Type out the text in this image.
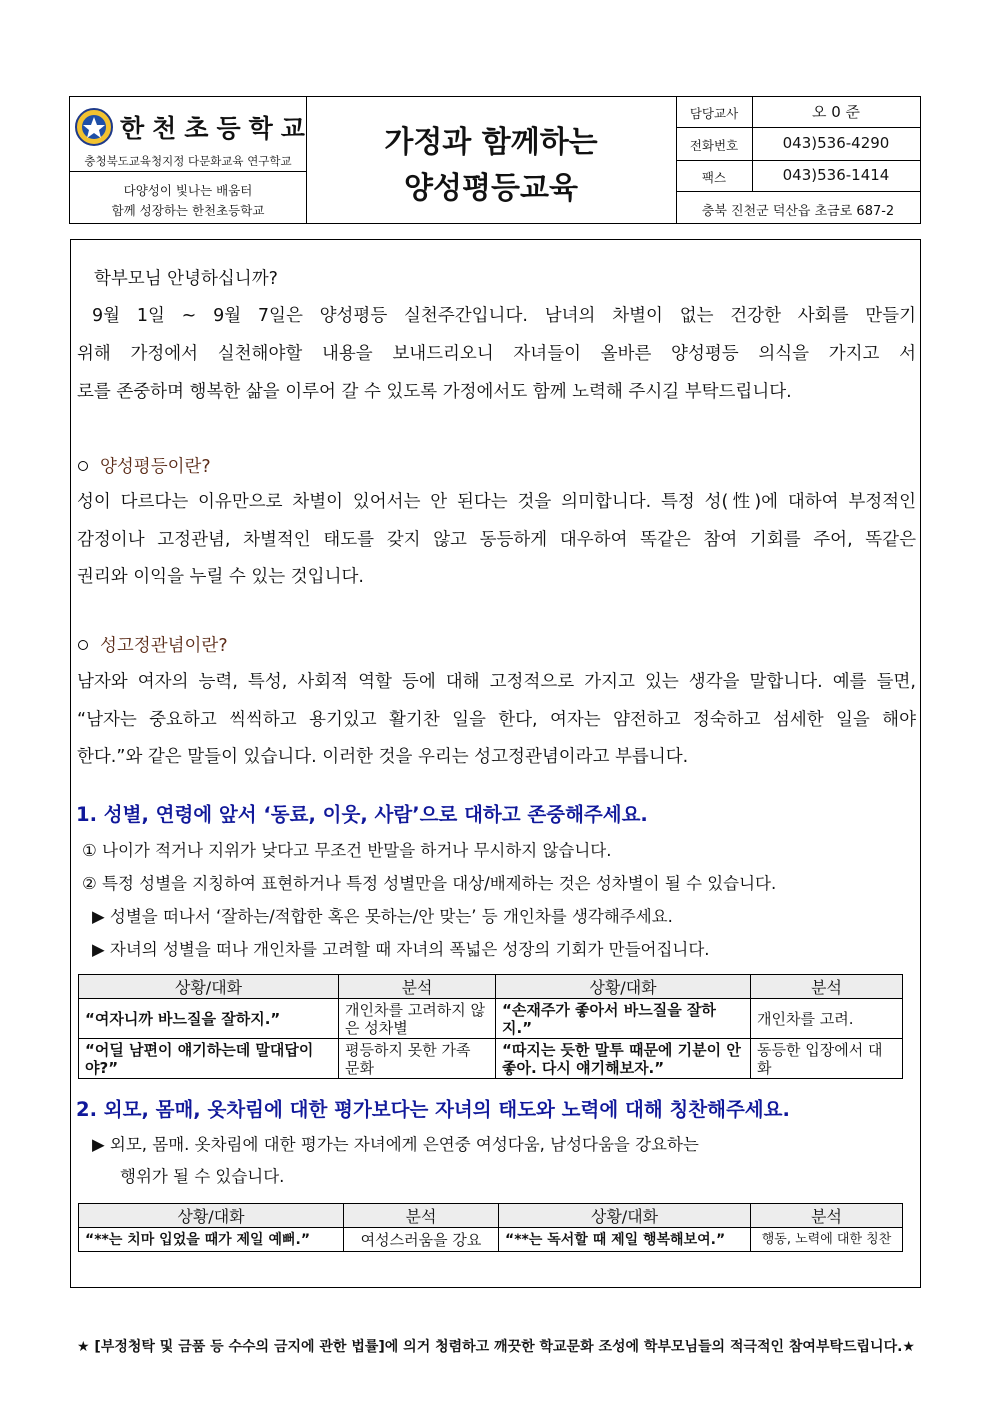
한천초등학교
충청북도교육청지정 다문화교육 연구학교
다양성이 빛나는 배움터
함께 성장하는 한천초등학교
가정과 함께하는
양성평등교육
담당교사	오 0 준
전화번호	043)536-4290
팩스	043)536-1414
충북 진천군 덕산읍 초금로 687-2
학부모님 안녕하십니까?
9월 1일 ~ 9월 7일은 양성평등 실천주간입니다. 남녀의 차별이 없는 건강한 사회를 만들기
위해 가정에서 실천해야할 내용을 보내드리오니 자녀들이 올바른 양성평등 의식을 가지고 서
로를 존중하며 행복한 삶을 이루어 갈 수 있도록 가정에서도 함께 노력해 주시길 부탁드립니다.
양성평등이란?
성이 다르다는 이유만으로 차별이 있어서는 안 된다는 것을 의미합니다. 특정 성(性)에 대하여 부정적인
감정이나 고정관념, 차별적인 태도를 갖지 않고 동등하게 대우하여 똑같은 참여 기회를 주어, 똑같은
권리와 이익을 누릴 수 있는 것입니다.
성고정관념이란?
남자와 여자의 능력, 특성, 사회적 역할 등에 대해 고정적으로 가지고 있는 생각을 말합니다. 예를 들면,
“남자는 중요하고 씩씩하고 용기있고 활기찬 일을 한다, 여자는 얌전하고 정숙하고 섬세한 일을 해야
한다.”와 같은 말들이 있습니다. 이러한 것을 우리는 성고정관념이라고 부릅니다.
1. 성별, 연령에 앞서 ‘동료, 이웃, 사람’으로 대하고 존중해주세요.
① 나이가 적거나 지위가 낮다고 무조건 반말을 하거나 무시하지 않습니다.
② 특정 성별을 지칭하여 표현하거나 특정 성별만을 대상/배제하는 것은 성차별이 될 수 있습니다.
▶ 성별을 떠나서 ‘잘하는/적합한 혹은 못하는/안 맞는’ 등 개인차를 생각해주세요.
▶ 자녀의 성별을 떠나 개인차를 고려할 때 자녀의 폭넓은 성장의 기회가 만들어집니다.
상황/대화	분석	상황/대화	분석
“여자니까 바느질을 잘하지.”	개인차를 고려하지 않은 성차별	“손재주가 좋아서 바느질을 잘하지.”	개인차를 고려.
“어딜 남편이 얘기하는데 말대답이야?”	평등하지 못한 가족 문화	“따지는 듯한 말투 때문에 기분이 안 좋아. 다시 얘기해보자.”	동등한 입장에서 대화
2. 외모, 몸매, 옷차림에 대한 평가보다는 자녀의 태도와 노력에 대해 칭찬해주세요.
▶ 외모, 몸매. 옷차림에 대한 평가는 자녀에게 은연중 여성다움, 남성다움을 강요하는
행위가 될 수 있습니다.
상황/대화	분석	상황/대화	분석
“**는 치마 입었을 때가 제일 예뻐.”	여성스러움을 강요	“**는 독서할 때 제일 행복해보여.”	행동, 노력에 대한 칭찬
★ [부정청탁 및 금품 등 수수의 금지에 관한 법률]에 의거 청렴하고 깨끗한 학교문화 조성에 학부모님들의 적극적인 참여부탁드립니다.★
